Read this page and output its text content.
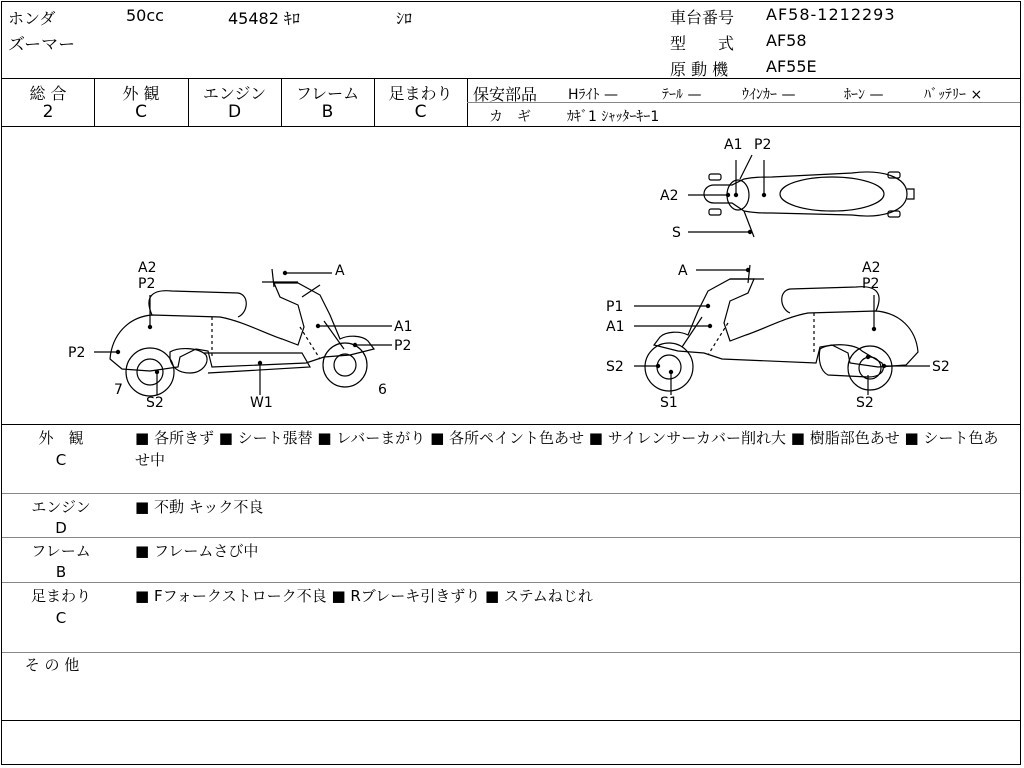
ホンダ	50cc	45482 ｷﾛ	ｼﾛ
ズーマー
車台番号 AF58-1212293
型　　式 AF58
原 動 機 AF55E
総 合
2
外 観
C
エンジン
D
フレーム
B
足まわり
C
保安部品 Hﾗｲﾄ —	ﾃｰﾙ —	ｳｲﾝｶｰ —	ﾎｰﾝ —	ﾊﾞｯﾃﾘｰ ×
カ　ギ	ｶｷﾞ1 ｼｬｯﾀｰｷｰ1
A1 P2
A2
S
A2
P2
A
A1
P2
P2
7
S2	W1
6
A	A2
P2
P1
A1
S2
S1	S2
S2
外　観
C
■ 各所きず ■ シート張替 ■ レバーまがり ■ 各所ペイント色あせ ■ サイレンサーカバー削れ大 ■ 樹脂部色あせ ■ シート色あせ中
エンジン
D
■ 不動 キック不良
フレーム
B
■ フレームさび中
足まわり
C
■ Fフォークストローク不良 ■ Rブレーキ引きずり ■ ステムねじれ
そ の 他
